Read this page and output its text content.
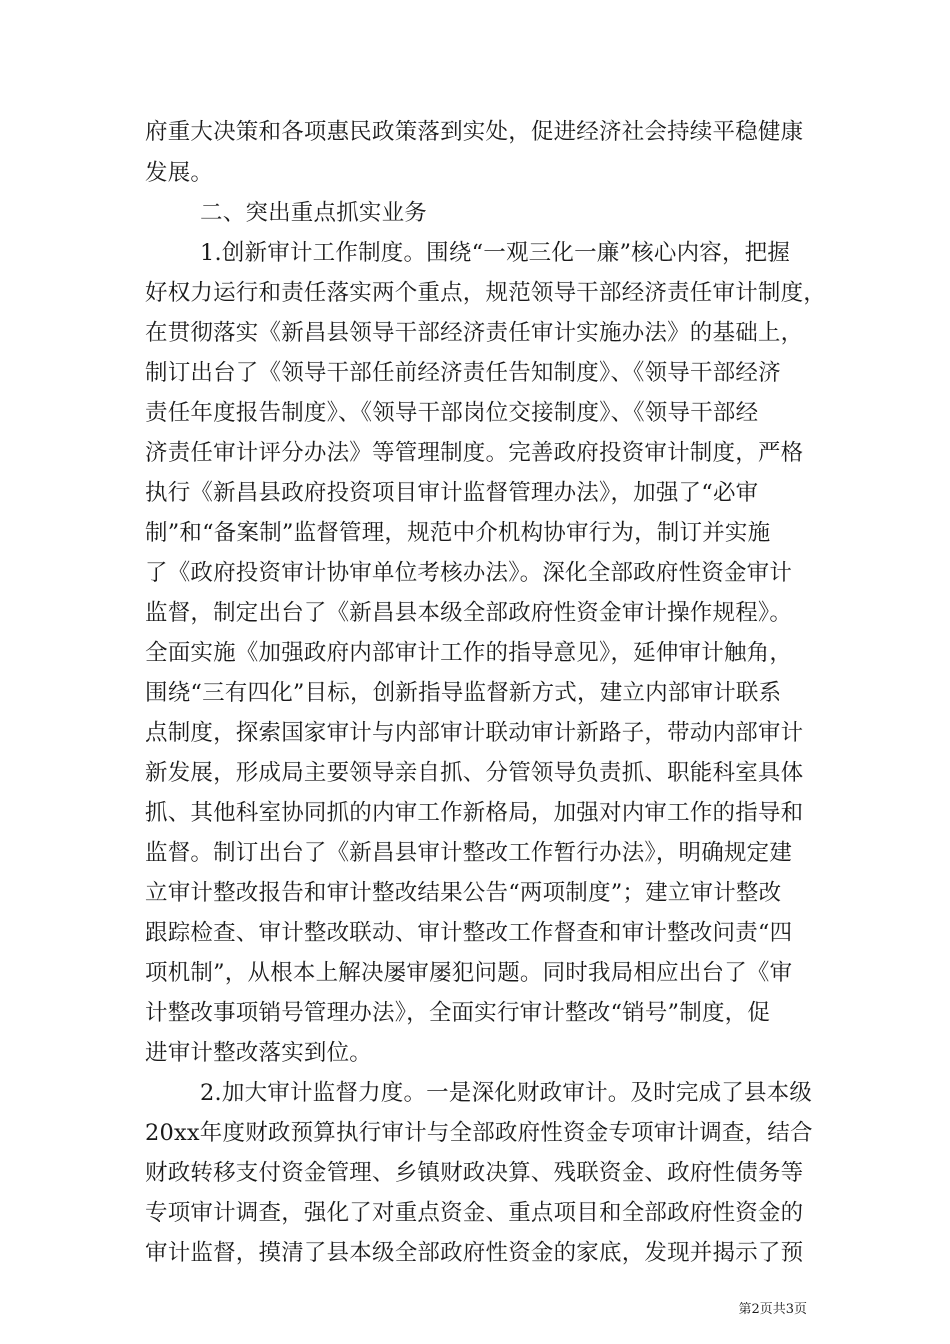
府重大决策和各项惠民政策落到实处，促进经济社会持续平稳健康
发展。
二、突出重点抓实业务
1.创新审计工作制度。围绕“一观三化一廉”核心内容，把握
好权力运行和责任落实两个重点，规范领导干部经济责任审计制度，
在贯彻落实《新昌县领导干部经济责任审计实施办法》的基础上，
制订出台了《领导干部任前经济责任告知制度》、《领导干部经济
责任年度报告制度》、《领导干部岗位交接制度》、《领导干部经
济责任审计评分办法》等管理制度。完善政府投资审计制度，严格
执行《新昌县政府投资项目审计监督管理办法》，加强了“必审
制”和“备案制”监督管理，规范中介机构协审行为，制订并实施
了《政府投资审计协审单位考核办法》。深化全部政府性资金审计
监督，制定出台了《新昌县本级全部政府性资金审计操作规程》。
全面实施《加强政府内部审计工作的指导意见》，延伸审计触角，
围绕“三有四化”目标，创新指导监督新方式，建立内部审计联系
点制度，探索国家审计与内部审计联动审计新路子，带动内部审计
新发展，形成局主要领导亲自抓、分管领导负责抓、职能科室具体
抓、其他科室协同抓的内审工作新格局，加强对内审工作的指导和
监督。制订出台了《新昌县审计整改工作暂行办法》，明确规定建
立审计整改报告和审计整改结果公告“两项制度”；建立审计整改
跟踪检查、审计整改联动、审计整改工作督查和审计整改问责“四
项机制”，从根本上解决屡审屡犯问题。同时我局相应出台了《审
计整改事项销号管理办法》，全面实行审计整改“销号”制度，促
进审计整改落实到位。
2.加大审计监督力度。一是深化财政审计。及时完成了县本级
20xx年度财政预算执行审计与全部政府性资金专项审计调查，结合
财政转移支付资金管理、乡镇财政决算、残联资金、政府性债务等
专项审计调查，强化了对重点资金、重点项目和全部政府性资金的
审计监督，摸清了县本级全部政府性资金的家底，发现并揭示了预
第2页共3页
